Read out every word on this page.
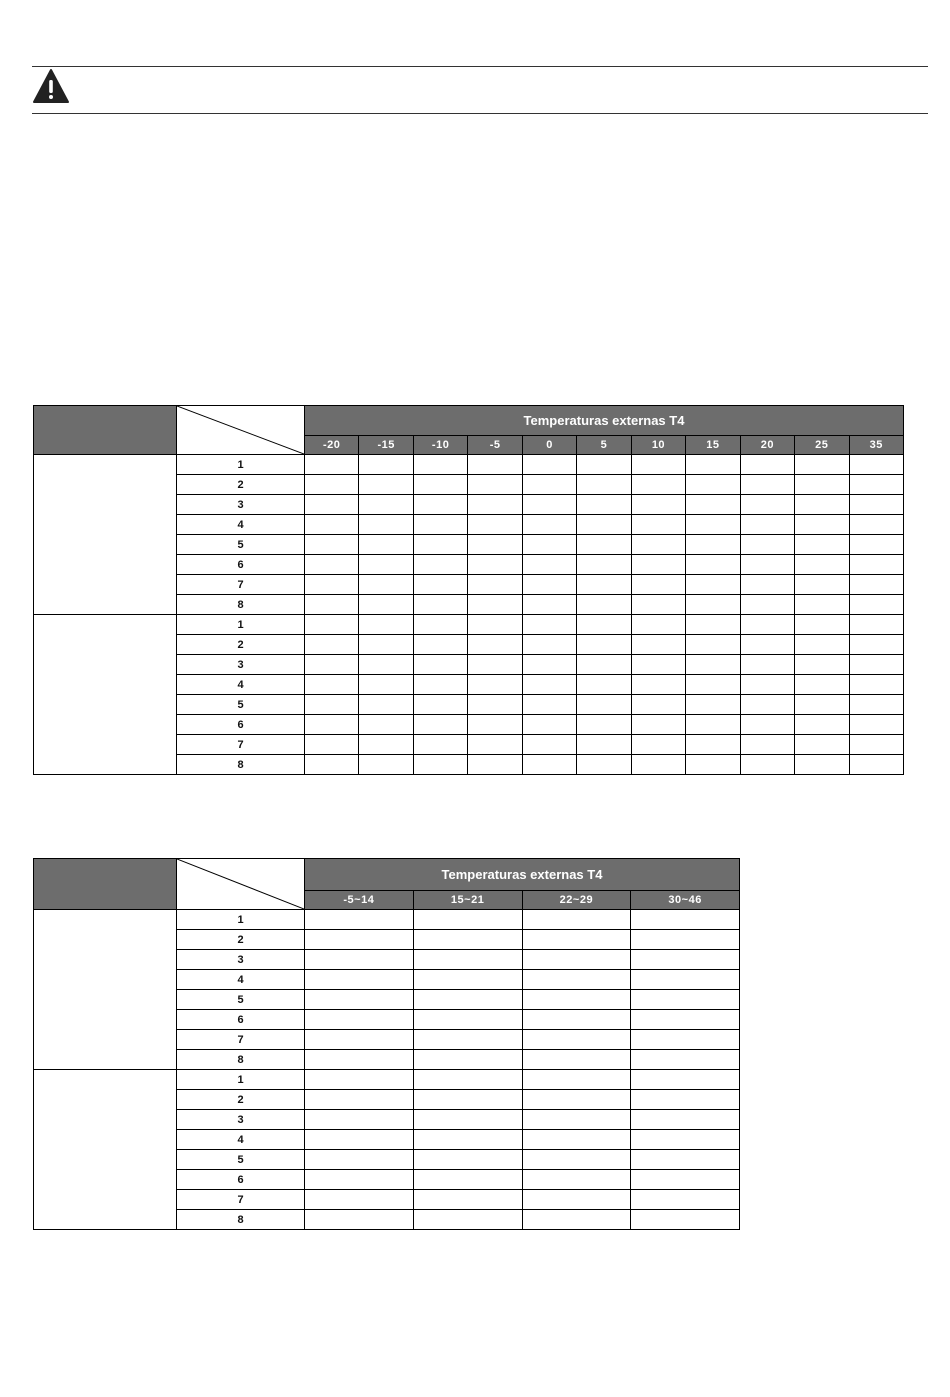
	Temperaturas externas T4										
		-20	-15	-10	-5	0	5	10	15	20	25	35
	1											
	2											
	3											
	4											
	5											
	6											
	7											
	8											
	1											
	2											
	3											
	4											
	5											
	6											
	7											
	8											

	Temperaturas externas T4			
		-5~14	15~21	22~29	30~46
	1				
	2				
	3				
	4				
	5				
	6				
	7				
	8				
	1				
	2				
	3				
	4				
	5				
	6				
	7				
	8				
